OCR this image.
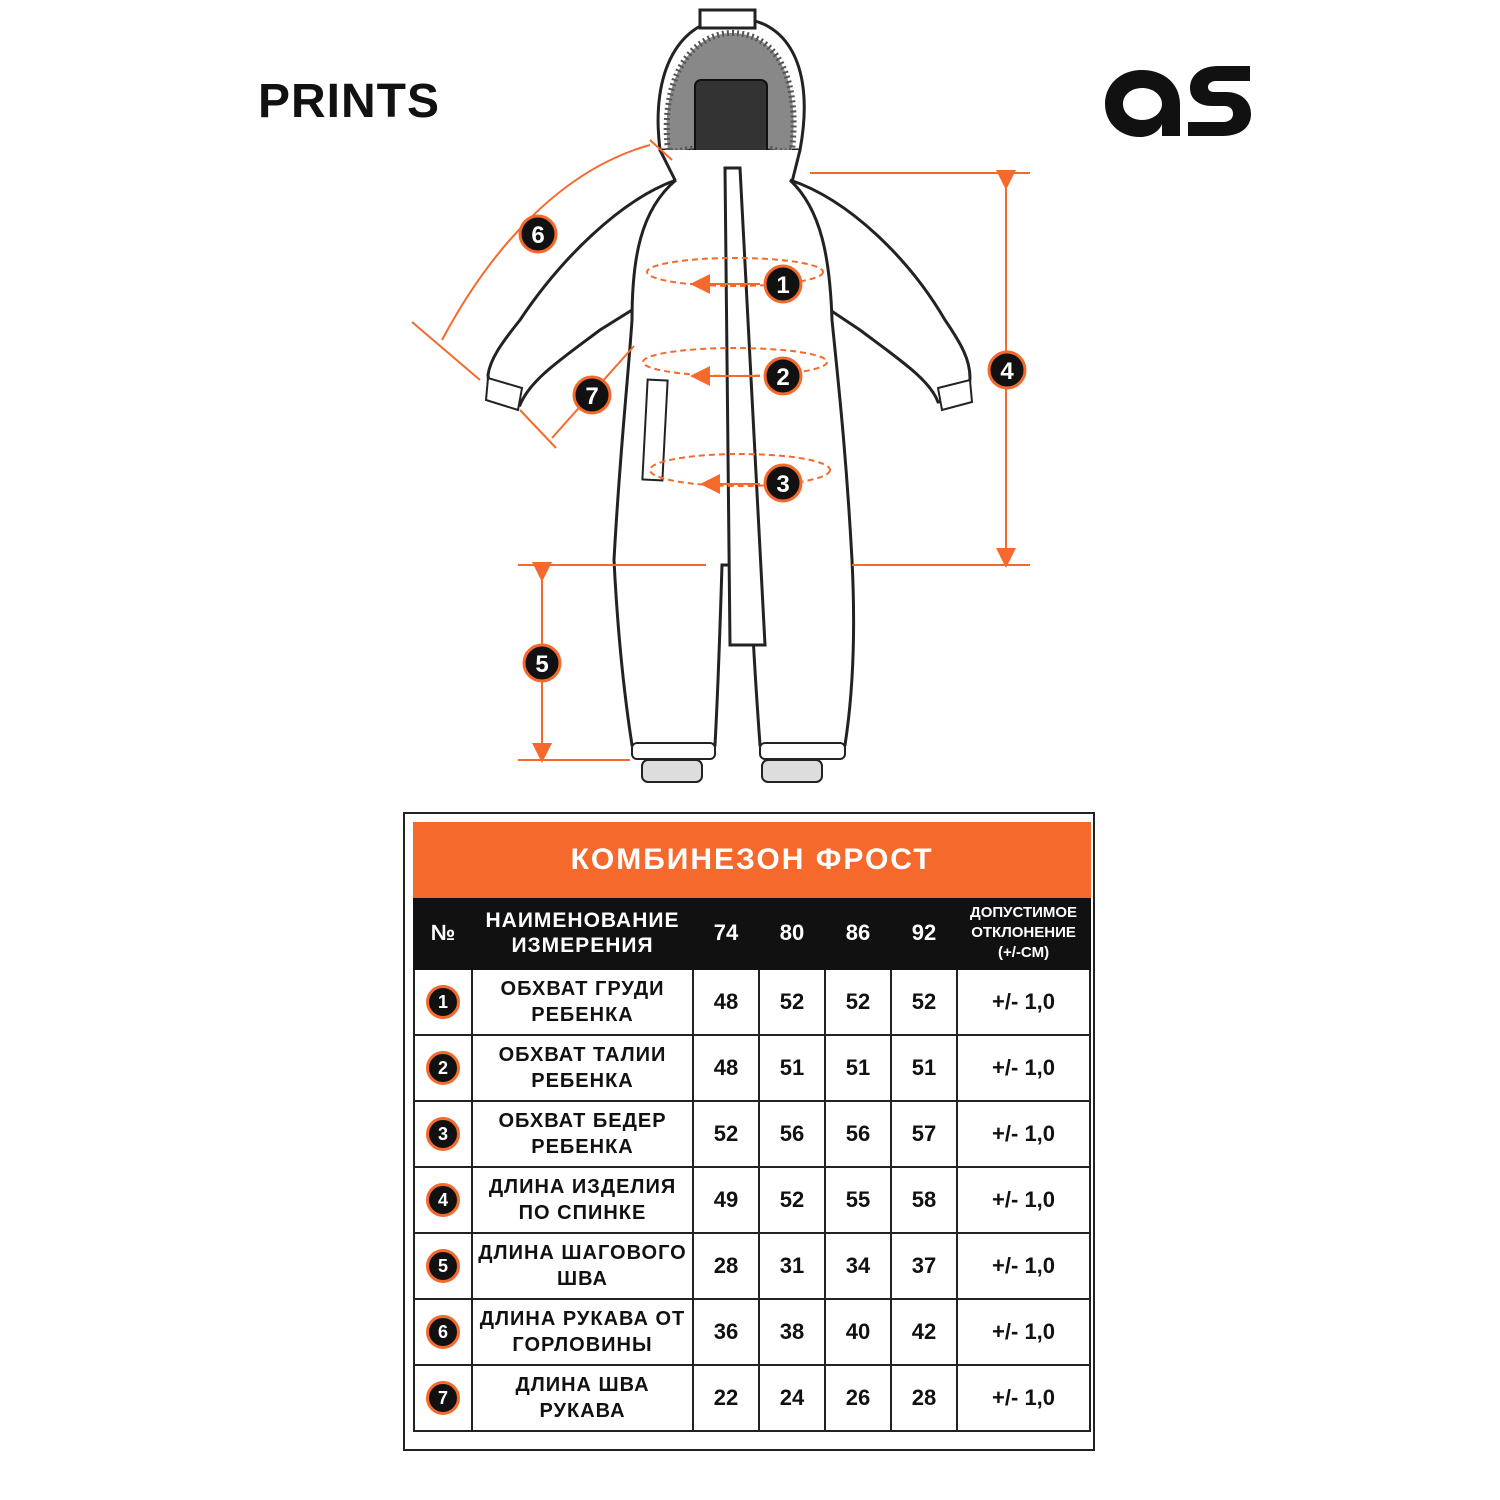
PRINTS
1
2
3
4
5
6
7
КОМБИНЕЗОН ФРОСТ						
№	НАИМЕНОВАНИЕ ИЗМЕРЕНИЯ	74	80	86	92	ДОПУСТИМОЕ ОТКЛОНЕНИЕ (+/-СМ)
1	ОБХВАТ ГРУДИ РЕБЕНКА	48	52	52	52	+/- 1,0
2	ОБХВАТ ТАЛИИ РЕБЕНКА	48	51	51	51	+/- 1,0
3	ОБХВАТ БЕДЕР РЕБЕНКА	52	56	56	57	+/- 1,0
4	ДЛИНА ИЗДЕЛИЯ ПО СПИНКЕ	49	52	55	58	+/- 1,0
5	ДЛИНА ШАГОВОГО ШВА	28	31	34	37	+/- 1,0
6	ДЛИНА РУКАВА ОТ ГОРЛОВИНЫ	36	38	40	42	+/- 1,0
7	ДЛИНА ШВА РУКАВА	22	24	26	28	+/- 1,0
